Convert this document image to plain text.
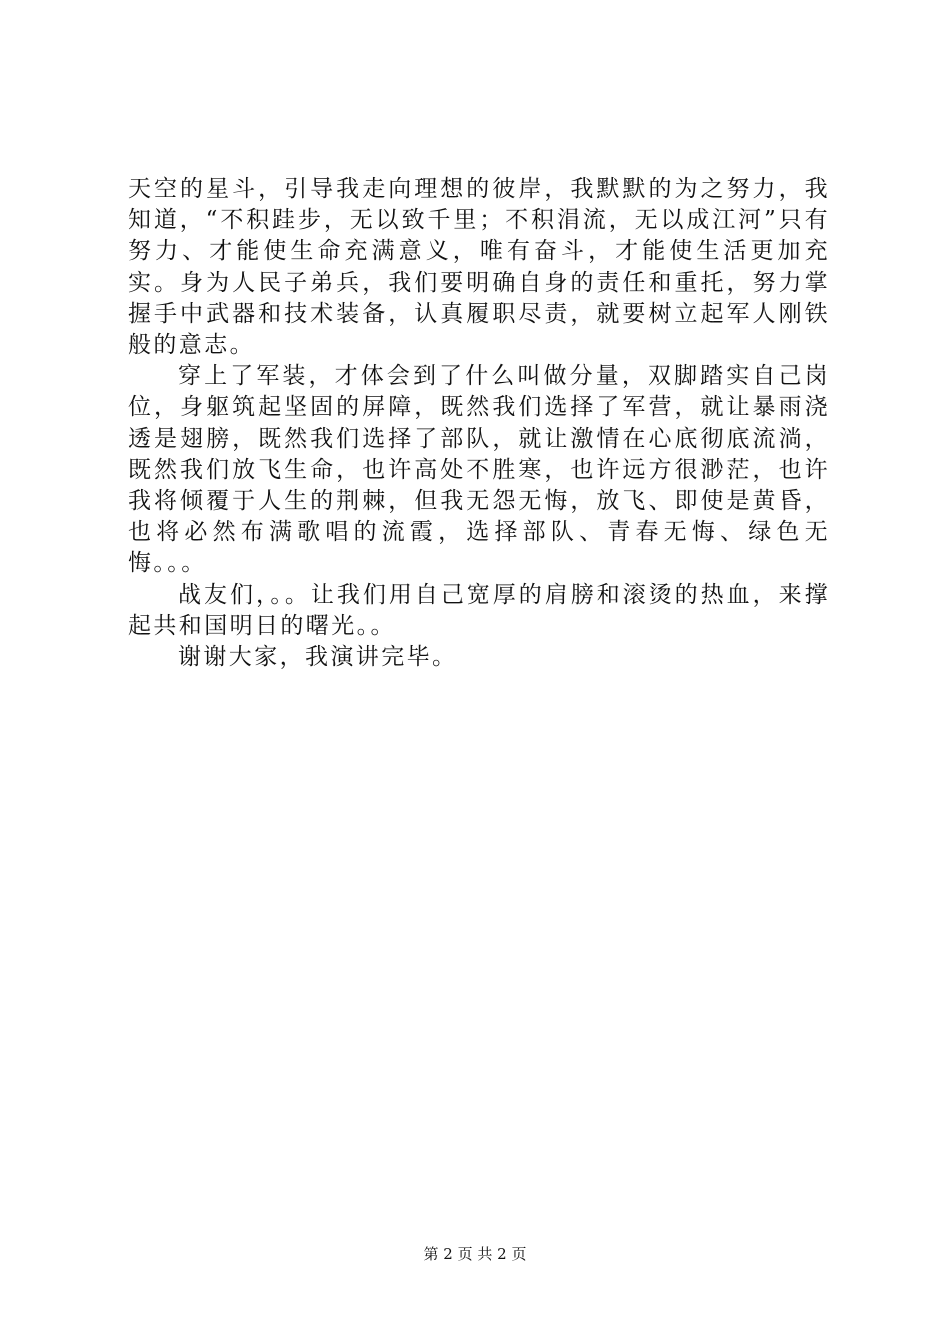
天空的星斗，引导我走向理想的彼岸，我默默的为之努力，我知道，“不积跬步，无以致千里；不积涓流，无以成江河”只有努力、才能使生命充满意义，唯有奋斗，才能使生活更加充实。身为人民子弟兵，我们要明确自身的责任和重托，努力掌握手中武器和技术装备，认真履职尽责，就要树立起军人刚铁般的意志。

穿上了军装，才体会到了什么叫做分量，双脚踏实自己岗位，身躯筑起坚固的屏障，既然我们选择了军营，就让暴雨浇透是翅膀，既然我们选择了部队，就让激情在心底彻底流淌，既然我们放飞生命，也许高处不胜寒，也许远方很渺茫，也许我将倾覆于人生的荆棘，但我无怨无悔，放飞、即使是黄昏，也将必然布满歌唱的流霞，选择部队、青春无悔、绿色无悔。。。

战友们，。。让我们用自己宽厚的肩膀和滚烫的热血，来撑起共和国明日的曙光。。

谢谢大家，我演讲完毕。

第 2 页 共 2 页
